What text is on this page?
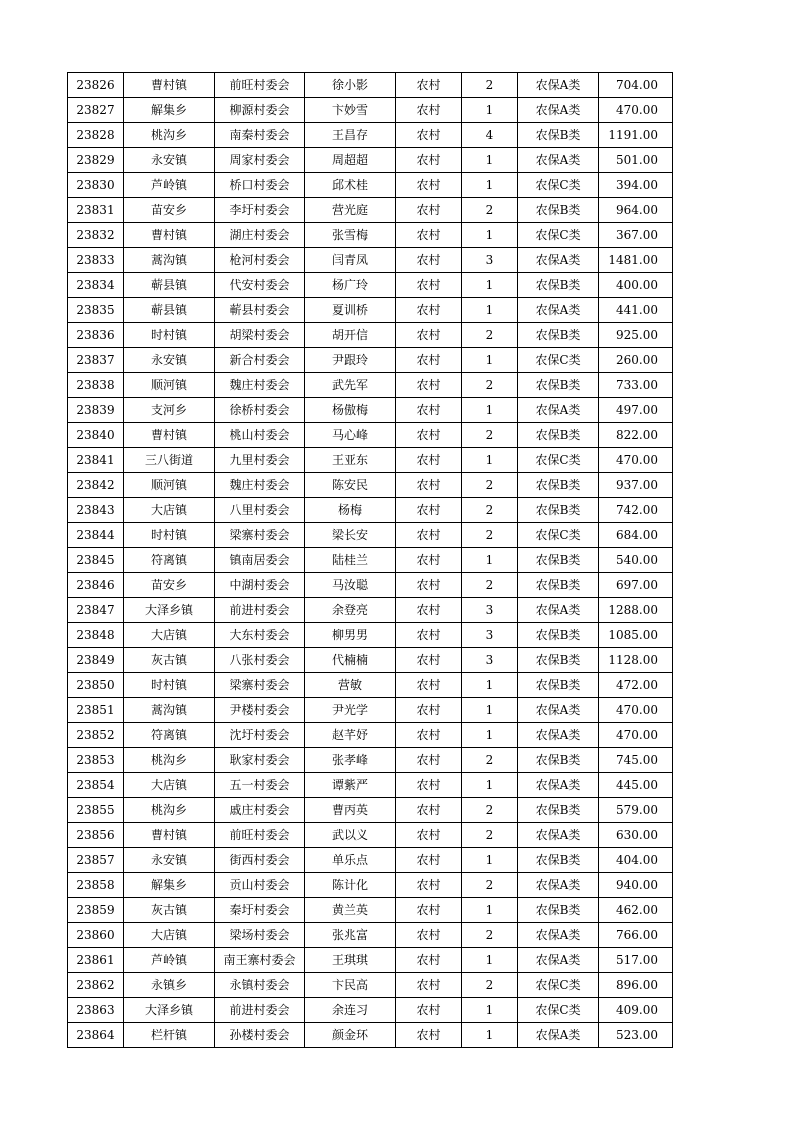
23826	曹村镇	前旺村委会	徐小影	农村	2	农保A类	704.00
23827	解集乡	柳源村委会	卞妙雪	农村	1	农保A类	470.00
23828	桃沟乡	南秦村委会	王昌存	农村	4	农保B类	1191.00
23829	永安镇	周家村委会	周超超	农村	1	农保A类	501.00
23830	芦岭镇	桥口村委会	邱术桂	农村	1	农保C类	394.00
23831	苗安乡	李圩村委会	营光庭	农村	2	农保B类	964.00
23832	曹村镇	湖庄村委会	张雪梅	农村	1	农保C类	367.00
23833	蒿沟镇	枪河村委会	闫青凤	农村	3	农保A类	1481.00
23834	蕲县镇	代安村委会	杨广玲	农村	1	农保B类	400.00
23835	蕲县镇	蕲县村委会	夏训桥	农村	1	农保A类	441.00
23836	时村镇	胡梁村委会	胡开信	农村	2	农保B类	925.00
23837	永安镇	新合村委会	尹跟玲	农村	1	农保C类	260.00
23838	顺河镇	魏庄村委会	武先军	农村	2	农保B类	733.00
23839	支河乡	徐桥村委会	杨傲梅	农村	1	农保A类	497.00
23840	曹村镇	桃山村委会	马心峰	农村	2	农保B类	822.00
23841	三八街道	九里村委会	王亚东	农村	1	农保C类	470.00
23842	顺河镇	魏庄村委会	陈安民	农村	2	农保B类	937.00
23843	大店镇	八里村委会	杨梅	农村	2	农保B类	742.00
23844	时村镇	梁寨村委会	梁长安	农村	2	农保C类	684.00
23845	符离镇	镇南居委会	陆桂兰	农村	1	农保B类	540.00
23846	苗安乡	中湖村委会	马汝聪	农村	2	农保B类	697.00
23847	大泽乡镇	前进村委会	余登亮	农村	3	农保A类	1288.00
23848	大店镇	大东村委会	柳男男	农村	3	农保B类	1085.00
23849	灰古镇	八张村委会	代楠楠	农村	3	农保B类	1128.00
23850	时村镇	梁寨村委会	营敏	农村	1	农保B类	472.00
23851	蒿沟镇	尹楼村委会	尹光学	农村	1	农保A类	470.00
23852	符离镇	沈圩村委会	赵芊妤	农村	1	农保A类	470.00
23853	桃沟乡	耿家村委会	张孝峰	农村	2	农保B类	745.00
23854	大店镇	五一村委会	谭紫严	农村	1	农保A类	445.00
23855	桃沟乡	戚庄村委会	曹丙英	农村	2	农保B类	579.00
23856	曹村镇	前旺村委会	武以义	农村	2	农保A类	630.00
23857	永安镇	街西村委会	单乐点	农村	1	农保B类	404.00
23858	解集乡	贡山村委会	陈计化	农村	2	农保A类	940.00
23859	灰古镇	秦圩村委会	黄兰英	农村	1	农保B类	462.00
23860	大店镇	梁场村委会	张兆富	农村	2	农保A类	766.00
23861	芦岭镇	南王寨村委会	王琪琪	农村	1	农保A类	517.00
23862	永镇乡	永镇村委会	卞民高	农村	2	农保C类	896.00
23863	大泽乡镇	前进村委会	余连习	农村	1	农保C类	409.00
23864	栏杆镇	孙楼村委会	颜金环	农村	1	农保A类	523.00
